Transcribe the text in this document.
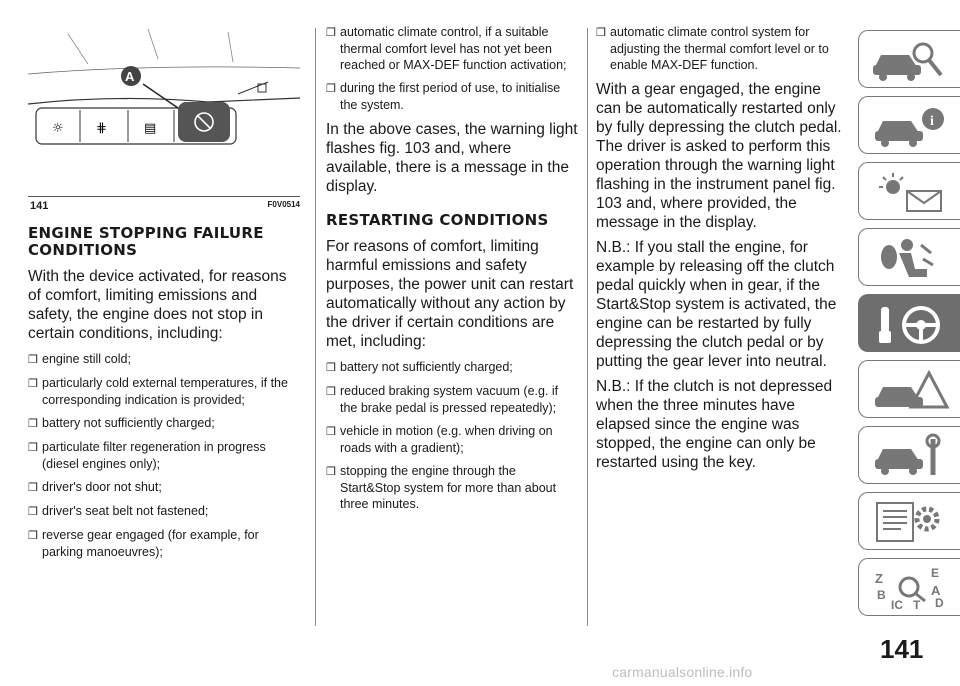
☼ ⋕	▤
A
141	F0V0514
ENGINE STOPPING FAILURE CONDITIONS

With the device activated, for reasons of comfort, limiting emissions and safety, the engine does not stop in certain conditions, including:

❒ engine still cold;
❒ particularly cold external temperatures, if the corresponding indication is provided;
❒ battery not sufficiently charged;
❒ particulate filter regeneration in progress (diesel engines only);
❒ driver's door not shut;
❒ driver's seat belt not fastened;
❒ reverse gear engaged (for example, for parking manoeuvres);
❒ automatic climate control, if a suitable thermal comfort level has not yet been reached or MAX-DEF function activation;
❒ during the first period of use, to initialise the system.

In the above cases, the warning light flashes fig. 103 and, where available, there is a message in the display.

RESTARTING CONDITIONS

For reasons of comfort, limiting harmful emissions and safety purposes, the power unit can restart automatically without any action by the driver if certain conditions are met, including:

❒ battery not sufficiently charged;
❒ reduced braking system vacuum (e.g. if the brake pedal is pressed repeatedly);
❒ vehicle in motion (e.g. when driving on roads with a gradient);
❒ stopping the engine through the Start&Stop system for more than about three minutes.
❒ automatic climate control system for adjusting the thermal comfort level or to enable MAX-DEF function.

With a gear engaged, the engine can be automatically restarted only by fully depressing the clutch pedal. The driver is asked to perform this operation through the warning light flashing in the instrument panel fig. 103 and, where provided, the message in the display.

N.B.: If you stall the engine, for example by releasing off the clutch pedal quickly when in gear, if the Start&Stop system is activated, the engine can be restarted by fully depressing the clutch pedal or by putting the gear lever into neutral.

N.B.: If the clutch is not depressed when the three minutes have elapsed since the engine was stopped, the engine can only be restarted using the key.

i
Z	E
A
B
IC T D
141
carmanualsonline.info
